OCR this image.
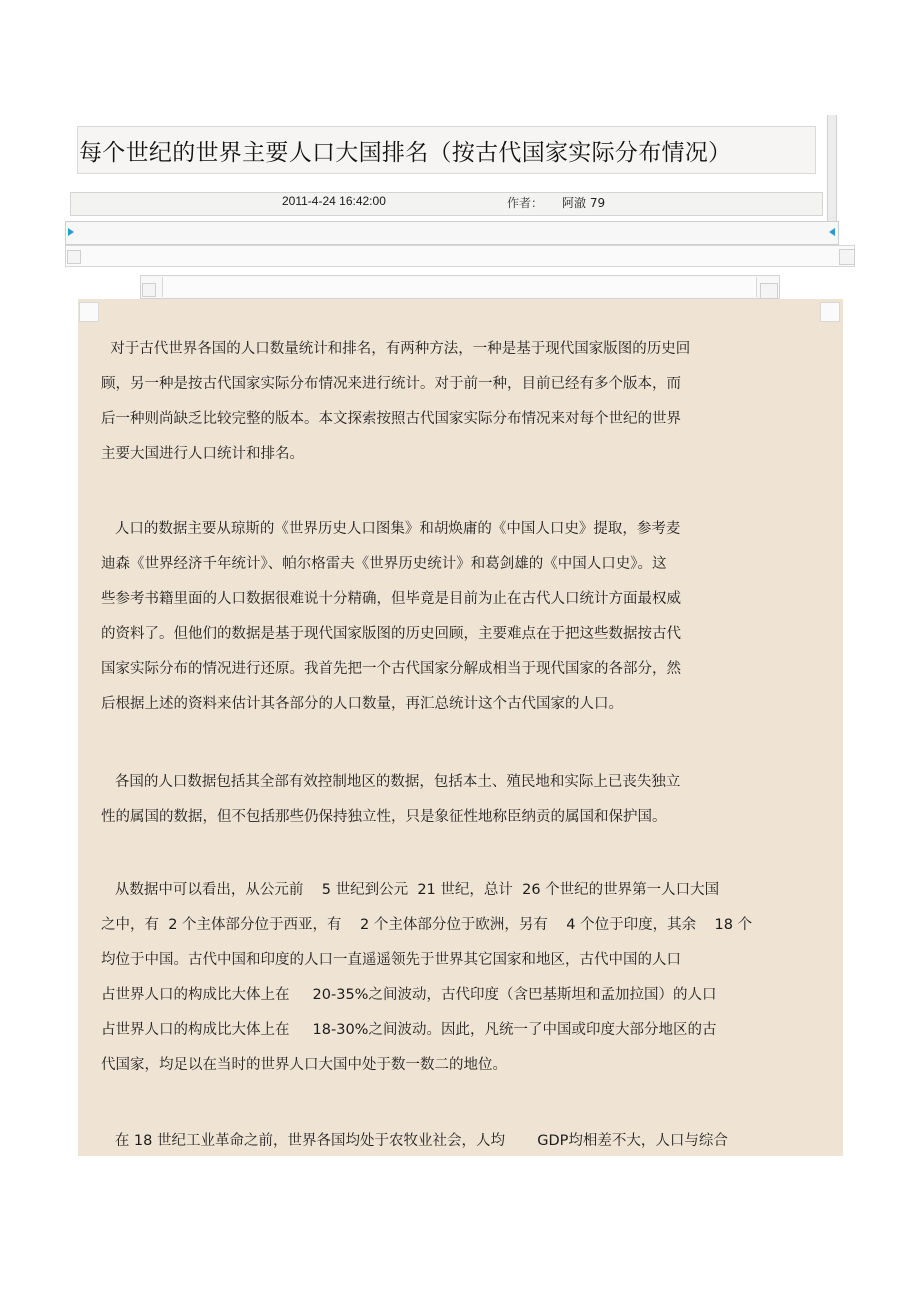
每个世纪的世界主要人口大国排名（按古代国家实际分布情况）
2011-4-24 16:42:00	作者： 阿澈 79
对于古代世界各国的人口数量统计和排名，有两种方法，一种是基于现代国家版图的历史回
顾，另一种是按古代国家实际分布情况来进行统计。对于前一种，目前已经有多个版本，而
后一种则尚缺乏比较完整的版本。本文探索按照古代国家实际分布情况来对每个世纪的世界
主要大国进行人口统计和排名。
人口的数据主要从琼斯的《世界历史人口图集》和胡焕庸的《中国人口史》提取，参考麦
迪森《世界经济千年统计》、帕尔格雷夫《世界历史统计》和葛剑雄的《中国人口史》。这
些参考书籍里面的人口数据很难说十分精确，但毕竟是目前为止在古代人口统计方面最权威
的资料了。但他们的数据是基于现代国家版图的历史回顾，主要难点在于把这些数据按古代
国家实际分布的情况进行还原。我首先把一个古代国家分解成相当于现代国家的各部分，然
后根据上述的资料来估计其各部分的人口数量，再汇总统计这个古代国家的人口。
各国的人口数据包括其全部有效控制地区的数据，包括本土、殖民地和实际上已丧失独立
性的属国的数据，但不包括那些仍保持独立性，只是象征性地称臣纳贡的属国和保护国。
从数据中可以看出，从公元前    5 世纪到公元  21 世纪，总计  26 个世纪的世界第一人口大国
之中，有  2 个主体部分位于西亚，有    2 个主体部分位于欧洲，另有    4 个位于印度，其余    18 个
均位于中国。古代中国和印度的人口一直遥遥领先于世界其它国家和地区，古代中国的人口
占世界人口的构成比大体上在     20-35%之间波动，古代印度（含巴基斯坦和孟加拉国）的人口
占世界人口的构成比大体上在     18-30%之间波动。因此，凡统一了中国或印度大部分地区的古
代国家，均足以在当时的世界人口大国中处于数一数二的地位。
在 18 世纪工业革命之前，世界各国均处于农牧业社会，人均       GDP均相差不大，人口与综合
